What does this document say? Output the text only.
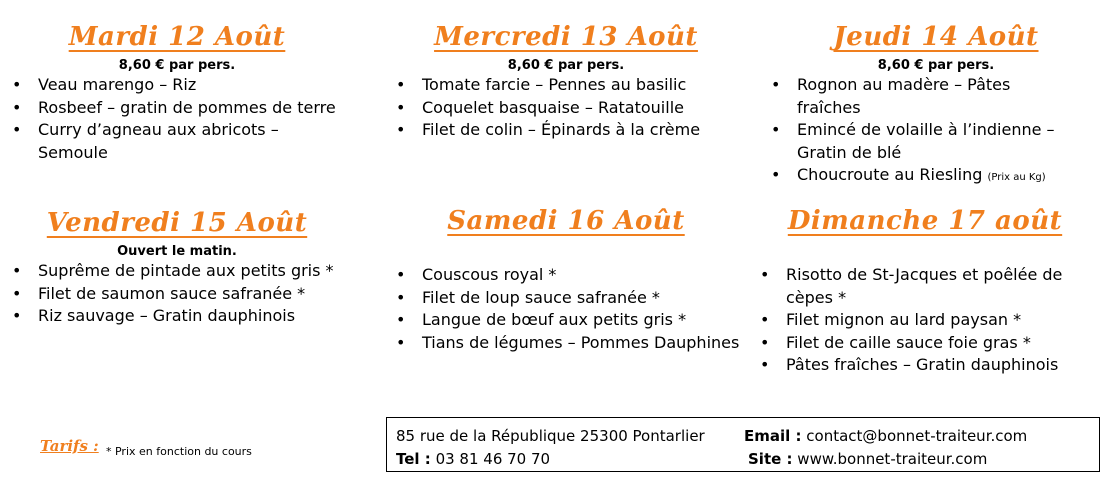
Mardi 12 Août
8,60 € par pers.
• Veau marengo – Riz
• Rosbeef – gratin de pommes de terre
• Curry d’agneau aux abricots – Semoule
Mercredi 13 Août
8,60 € par pers.
• Tomate farcie – Pennes au basilic
• Coquelet basquaise – Ratatouille
• Filet de colin – Épinards à la crème
Jeudi 14 Août
8,60 € par pers.
• Rognon au madère – Pâtes fraîches
• Emincé de volaille à l’indienne – Gratin de blé
• Choucroute au Riesling (Prix au Kg)
Vendredi 15 Août
Ouvert le matin.
• Suprême de pintade aux petits gris *
• Filet de saumon sauce safranée *
• Riz sauvage – Gratin dauphinois
Samedi 16 Août
• Couscous royal *
• Filet de loup sauce safranée *
• Langue de bœuf aux petits gris *
• Tians de légumes – Pommes Dauphines
Dimanche 17 août
• Risotto de St-Jacques et poêlée de cèpes *
• Filet mignon au lard paysan *
• Filet de caille sauce foie gras *
• Pâtes fraîches – Gratin dauphinois
Tarifs : * Prix en fonction du cours
85 rue de la République 25300 Pontarlier
Tel : 03 81 46 70 70
Email : contact@bonnet-traiteur.com
Site : www.bonnet-traiteur.com
